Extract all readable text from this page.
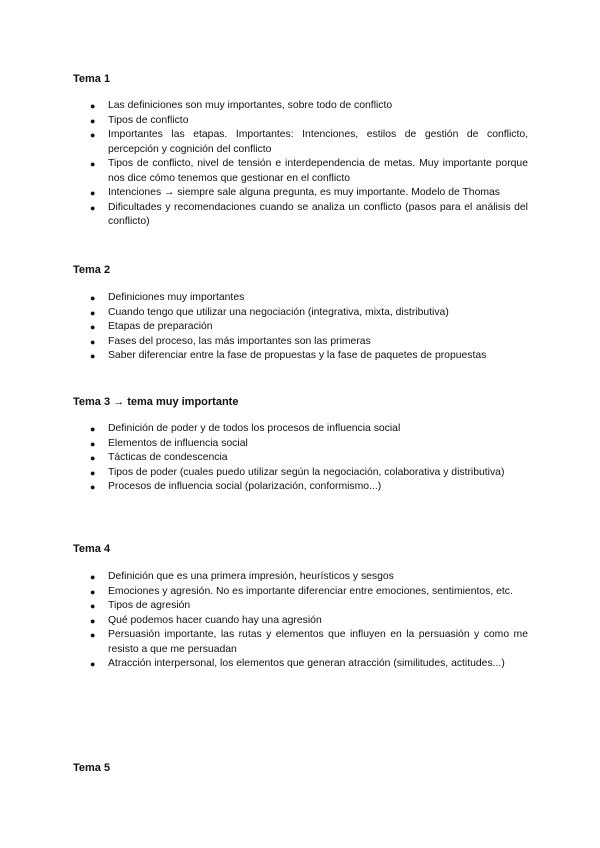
Tema 1
● Las definiciones son muy importantes, sobre todo de conflicto
● Tipos de conflicto
● Importantes las etapas. Importantes: Intenciones, estilos de gestión de conflicto, percepción y cognición del conflicto
● Tipos de conflicto, nivel de tensión e interdependencia de metas. Muy importante porque nos dice cómo tenemos que gestionar en el conflicto
● Intenciones → siempre sale alguna pregunta, es muy importante. Modelo de Thomas
● Dificultades y recomendaciones cuando se analiza un conflicto (pasos para el análisis del conflicto)
Tema 2
● Definiciones muy importantes
● Cuando tengo que utilizar una negociación (integrativa, mixta, distributiva)
● Etapas de preparación
● Fases del proceso, las más importantes son las primeras
● Saber diferenciar entre la fase de propuestas y la fase de paquetes de propuestas
Tema 3 → tema muy importante
● Definición de poder y de todos los procesos de influencia social
● Elementos de influencia social
● Tácticas de condescencia
● Tipos de poder (cuales puedo utilizar según la negociación, colaborativa y distributiva)
● Procesos de influencia social (polarización, conformismo...)
Tema 4
● Definición que es una primera impresión, heurísticos y sesgos
● Emociones y agresión. No es importante diferenciar entre emociones, sentimientos, etc.
● Tipos de agresión
● Qué podemos hacer cuando hay una agresión
● Persuasión importante, las rutas y elementos que influyen en la persuasión y como me resisto a que me persuadan
● Atracción interpersonal, los elementos que generan atracción (similitudes, actitudes...)
Tema 5
